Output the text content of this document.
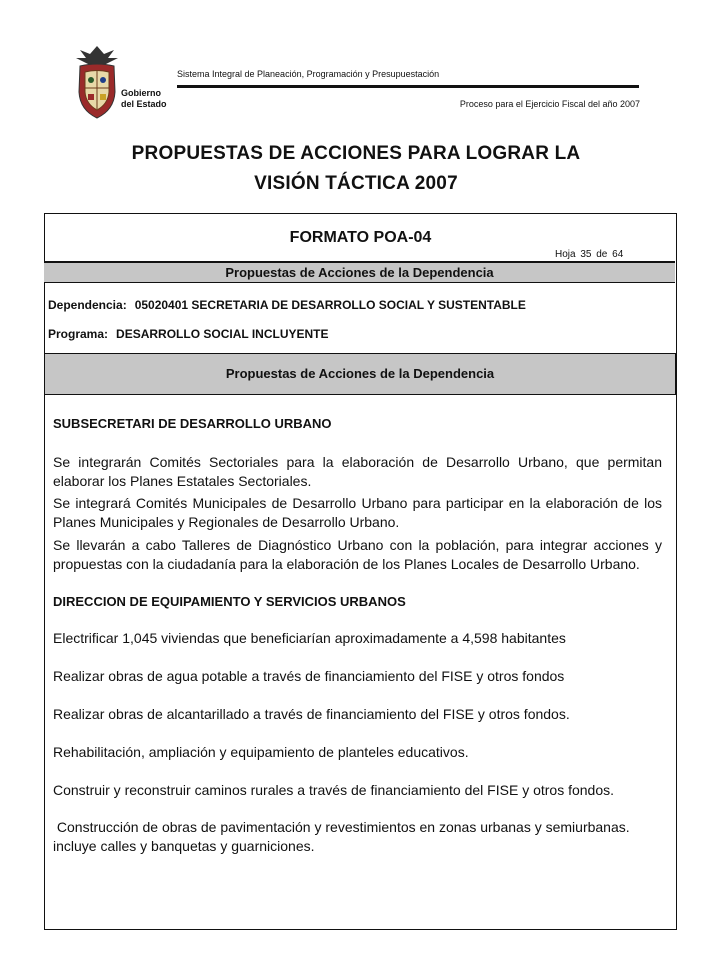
Gobierno
del Estado
Sistema Integral de Planeación, Programación y Presupuestación
Proceso para el Ejercicio Fiscal del año 2007
PROPUESTAS DE ACCIONES PARA LOGRAR LA
VISIÓN TÁCTICA 2007
FORMATO POA-04
Hoja 35 de 64
Propuestas de Acciones de la Dependencia
Dependencia: 05020401 SECRETARIA DE DESARROLLO SOCIAL Y SUSTENTABLE
Programa: DESARROLLO SOCIAL INCLUYENTE
Propuestas de Acciones de la Dependencia
SUBSECRETARI DE DESARROLLO URBANO

Se integrarán Comités Sectoriales para la elaboración de Desarrollo Urbano, que permitan elaborar los Planes Estatales Sectoriales.

Se integrará Comités Municipales de Desarrollo Urbano para participar en la elaboración de los Planes Municipales y Regionales de Desarrollo Urbano.

Se llevarán a cabo Talleres de Diagnóstico Urbano con la población, para integrar acciones y propuestas con la ciudadanía para la elaboración de los Planes Locales de Desarrollo Urbano.

DIRECCION DE EQUIPAMIENTO Y SERVICIOS URBANOS

Electrificar 1,045 viviendas que beneficiarían aproximadamente a 4,598 habitantes

Realizar obras de agua potable a través de financiamiento del FISE y otros fondos

Realizar obras de alcantarillado a través de financiamiento del FISE y otros fondos.

Rehabilitación, ampliación y equipamiento de planteles educativos.

Construir y reconstruir caminos rurales a través de financiamiento del FISE y otros fondos.

Construcción de obras de pavimentación y revestimientos en zonas urbanas y semiurbanas. incluye calles y banquetas y guarniciones.
